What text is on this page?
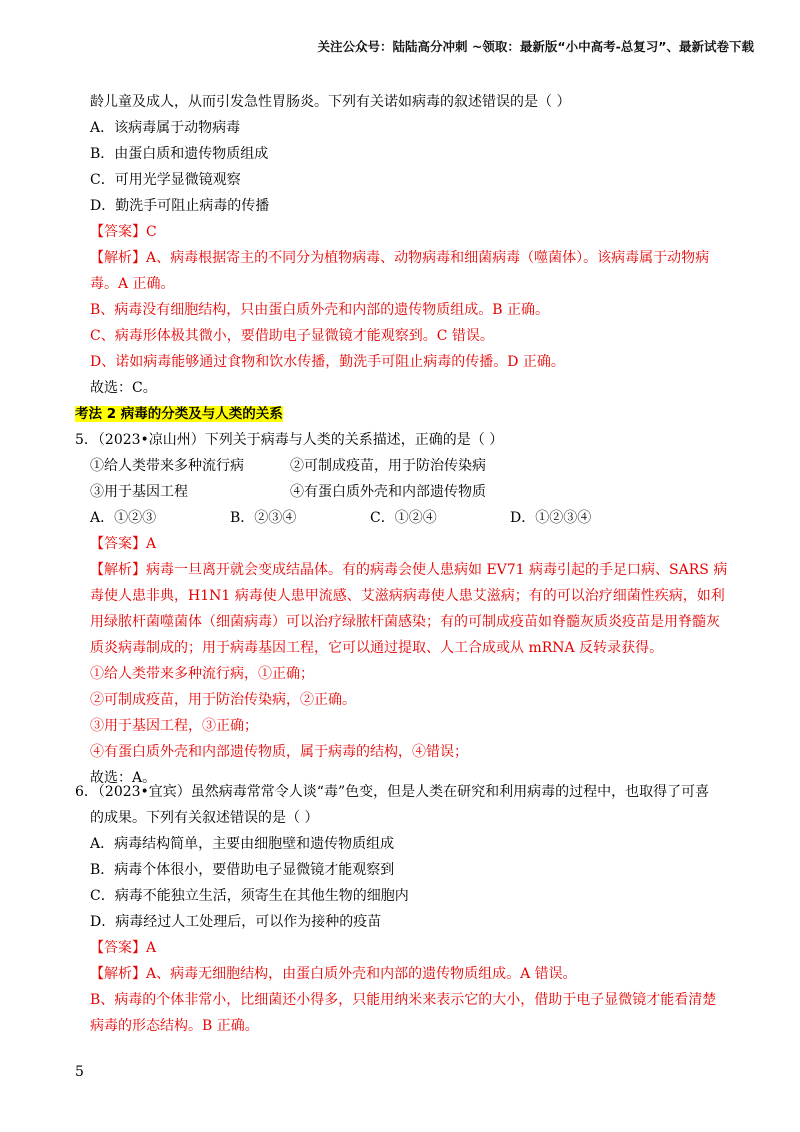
关注公众号：陆陆高分冲刺 ~领取：最新版“小中高考-总复习”、最新试卷下载
龄儿童及成人，从而引发急性胃肠炎。下列有关诺如病毒的叙述错误的是（ ）
A．该病毒属于动物病毒
B．由蛋白质和遗传物质组成
C．可用光学显微镜观察
D．勤洗手可阻止病毒的传播
【答案】C
【解析】A、病毒根据寄主的不同分为植物病毒、动物病毒和细菌病毒（噬菌体）。该病毒属于动物病
毒。A 正确。
B、病毒没有细胞结构，只由蛋白质外壳和内部的遗传物质组成。B 正确。
C、病毒形体极其微小，要借助电子显微镜才能观察到。C 错误。
D、诺如病毒能够通过食物和饮水传播，勤洗手可阻止病毒的传播。D 正确。
故选：C。
考法 2 病毒的分类及与人类的关系
5．（2023•凉山州）下列关于病毒与人类的关系描述，正确的是（ ）
①给人类带来多种流行病	②可制成疫苗，用于防治传染病
③用于基因工程	④有蛋白质外壳和内部遗传物质
A．①②③	B．②③④	C．①②④	D．①②③④
【答案】A
【解析】病毒一旦离开就会变成结晶体。有的病毒会使人患病如 EV71 病毒引起的手足口病、SARS 病
毒使人患非典，H1N1 病毒使人患甲流感、艾滋病病毒使人患艾滋病；有的可以治疗细菌性疾病，如利
用绿脓杆菌噬菌体（细菌病毒）可以治疗绿脓杆菌感染；有的可制成疫苗如脊髓灰质炎疫苗是用脊髓灰
质炎病毒制成的；用于病毒基因工程，它可以通过提取、人工合成或从 mRNA 反转录获得。
①给人类带来多种流行病，①正确；
②可制成疫苗，用于防治传染病，②正确。
③用于基因工程，③正确；
④有蛋白质外壳和内部遗传物质，属于病毒的结构，④错误；
故选：A。
6．（2023•宜宾）虽然病毒常常令人谈“毒”色变，但是人类在研究和利用病毒的过程中，也取得了可喜
的成果。下列有关叙述错误的是（ ）
A．病毒结构简单，主要由细胞壁和遗传物质组成
B．病毒个体很小，要借助电子显微镜才能观察到
C．病毒不能独立生活，须寄生在其他生物的细胞内
D．病毒经过人工处理后，可以作为接种的疫苗
【答案】A
【解析】A、病毒无细胞结构，由蛋白质外壳和内部的遗传物质组成。A 错误。
B、病毒的个体非常小，比细菌还小得多，只能用纳米来表示它的大小，借助于电子显微镜才能看清楚
病毒的形态结构。B 正确。
5
